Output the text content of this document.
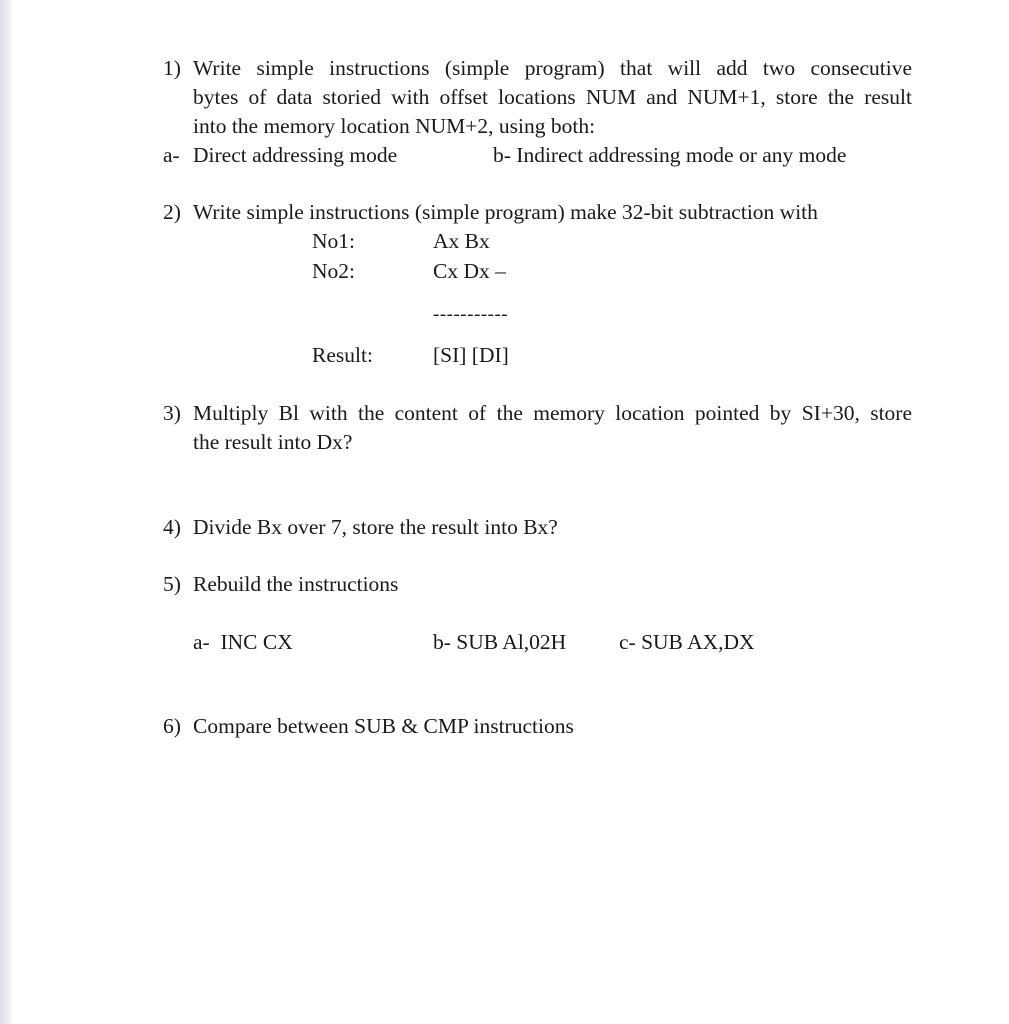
1) Write simple instructions (simple program) that will add two consecutive
bytes of data storied with offset locations NUM and NUM+1, store the result
into the memory location NUM+2, using both:
a- Direct addressing mode	b- Indirect addressing mode or any mode
2) Write simple instructions (simple program) make 32-bit subtraction with
No1:	Ax Bx
No2:	Cx Dx –
-----------
Result:	[SI] [DI]
3) Multiply Bl with the content of the memory location pointed by SI+30, store
the result into Dx?
4) Divide Bx over 7, store the result into Bx?
5) Rebuild the instructions
a-  INC CX	b- SUB Al,02H c- SUB AX,DX
6) Compare between SUB & CMP instructions
